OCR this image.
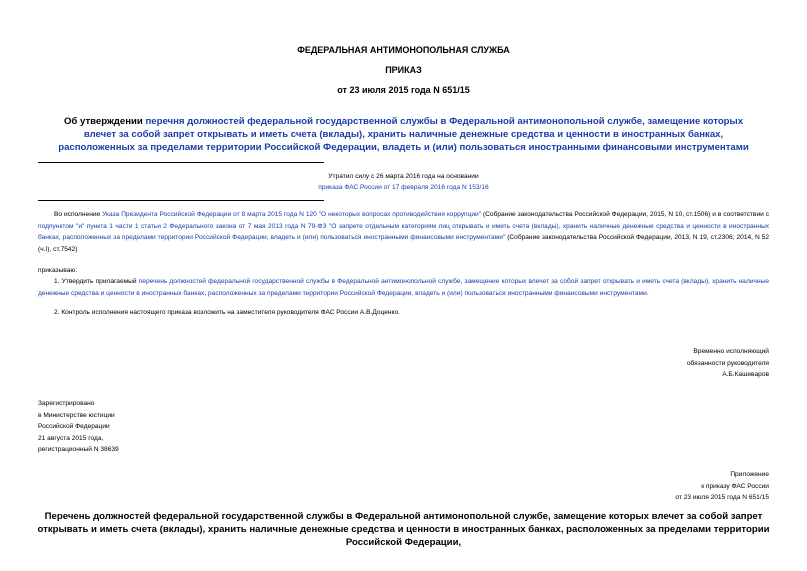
ФЕДЕРАЛЬНАЯ АНТИМОНОПОЛЬНАЯ СЛУЖБА
ПРИКАЗ
от 23 июля 2015 года N 651/15
Об утверждении перечня должностей федеральной государственной службы в Федеральной антимонопольной службе, замещение которых влечет за собой запрет открывать и иметь счета (вклады), хранить наличные денежные средства и ценности в иностранных банках, расположенных за пределами территории Российской Федерации, владеть и (или) пользоваться иностранными финансовыми инструментами
Утратил силу с 26 марта 2016 года на основании
приказа ФАС России от 17 февраля 2016 года N 153/16
Во исполнение Указа Президента Российской Федерации от 8 марта 2015 года N 120 "О некоторых вопросах противодействия коррупции" (Собрание законодательства Российской Федерации, 2015, N 10, ст.1506) и в соответствии с подпунктом "и" пункта 1 части 1 статьи 2 Федерального закона от 7 мая 2013 года N 79-ФЗ "О запрете отдельным категориям лиц открывать и иметь счета (вклады), хранить наличные денежные средства и ценности в иностранных банках, расположенных за пределами территории Российской Федерации, владеть и (или) пользоваться иностранными финансовыми инструментами" (Собрание законодательства Российской Федерации, 2013, N 19, ст.2306; 2014, N 52 (ч.I), ст.7542)
приказываю:
1. Утвердить прилагаемый перечень должностей федеральной государственной службы в Федеральной антимонопольной службе, замещение которых влечет за собой запрет открывать и иметь счета (вклады), хранить наличные денежные средства и ценности в иностранных банках, расположенных за пределами территории Российской Федерации, владеть и (или) пользоваться иностранными финансовыми инструментами.
2. Контроль исполнения настоящего приказа возложить на заместителя руководителя ФАС России А.В.Доценко.
Временно исполняющий
обязанности руководителя
А.Б.Кашеваров
Зарегистрировано
в Министерстве юстиции
Российской Федерации
21 августа 2015 года,
регистрационный N 38639
Приложение
к приказу ФАС России
от 23 июля 2015 года N 651/15
Перечень должностей федеральной государственной службы в Федеральной антимонопольной службе, замещение которых влечет за собой запрет открывать и иметь счета (вклады), хранить наличные денежные средства и ценности в иностранных банках, расположенных за пределами территории Российской Федерации,
